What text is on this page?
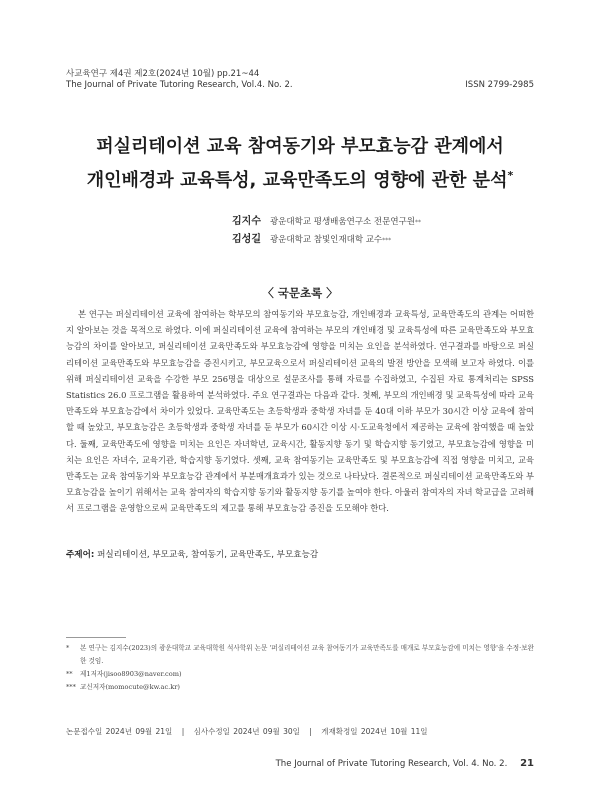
사교육연구 제4권 제2호(2024년 10월) pp.21~44
The Journal of Private Tutoring Research, Vol.4. No. 2.	ISSN 2799-2985
퍼실리테이션 교육 참여동기와 부모효능감 관계에서
개인배경과 교육특성, 교육만족도의 영향에 관한 분석*
김지수	광운대학교 평생배움연구소 전문연구원 **
김성길	광운대학교 참빛인재대학 교수 ***
〈 국문초록 〉
본 연구는 퍼실리테이션 교육에 참여하는 학부모의 참여동기와 부모효능감, 개인배경과 교육특성, 교육만족도의 관계는 어떠한지 알아보는 것을 목적으로 하였다. 이에 퍼실리테이션 교육에 참여하는 부모의 개인배경 및 교육특성에 따른 교육만족도와 부모효능감의 차이를 알아보고, 퍼실리테이션 교육만족도와 부모효능감에 영향을 미치는 요인을 분석하였다. 연구결과를 바탕으로 퍼실리테이션 교육만족도와 부모효능감을 증진시키고, 부모교육으로서 퍼실리테이션 교육의 발전 방안을 모색해 보고자 하였다. 이를 위해 퍼실리테이션 교육을 수강한 부모 256명을 대상으로 설문조사를 통해 자료를 수집하였고, 수집된 자료 통계처리는 SPSS Statistics 26.0 프로그램을 활용하여 분석하였다. 주요 연구결과는 다음과 같다. 첫째, 부모의 개인배경 및 교육특성에 따라 교육만족도와 부모효능감에서 차이가 있었다. 교육만족도는 초등학생과 중학생 자녀를 둔 40대 이하 부모가 30시간 이상 교육에 참여할 때 높았고, 부모효능감은 초등학생과 중학생 자녀를 둔 부모가 60시간 이상 시·도교육청에서 제공하는 교육에 참여했을 때 높았다. 둘째, 교육만족도에 영향을 미치는 요인은 자녀학년, 교육시간, 활동지향 동기 및 학습지향 동기였고, 부모효능감에 영향을 미치는 요인은 자녀수, 교육기관, 학습지향 동기였다. 셋째, 교육 참여동기는 교육만족도 및 부모효능감에 직접 영향을 미치고, 교육만족도는 교육 참여동기와 부모효능감 관계에서 부분매개효과가 있는 것으로 나타났다. 결론적으로 퍼실리테이션 교육만족도와 부모효능감을 높이기 위해서는 교육 참여자의 학습지향 동기와 활동지향 동기를 높여야 한다. 아울러 참여자의 자녀 학교급을 고려해서 프로그램을 운영함으로써 교육만족도의 제고를 통해 부모효능감 증진을 도모해야 한다.
주제어: 퍼실리테이션, 부모교육, 참여동기, 교육만족도, 부모효능감
*	본 연구는 김지수(2023)의 광운대학교 교육대학원 석사학위 논문 '퍼실리테이션 교육 참여동기가 교육만족도를 매개로 부모효능감에 미치는 영향'을 수정·보완한 것임.
**	제1저자(jisoo8903@naver.com)
*** 교신저자(momocute@kw.ac.kr)
논문접수일 2024년 09월 21일 | 심사수정일 2024년 09월 30일 | 게재확정일 2024년 10월 11일
The Journal of Private Tutoring Research, Vol. 4. No. 2. 21
